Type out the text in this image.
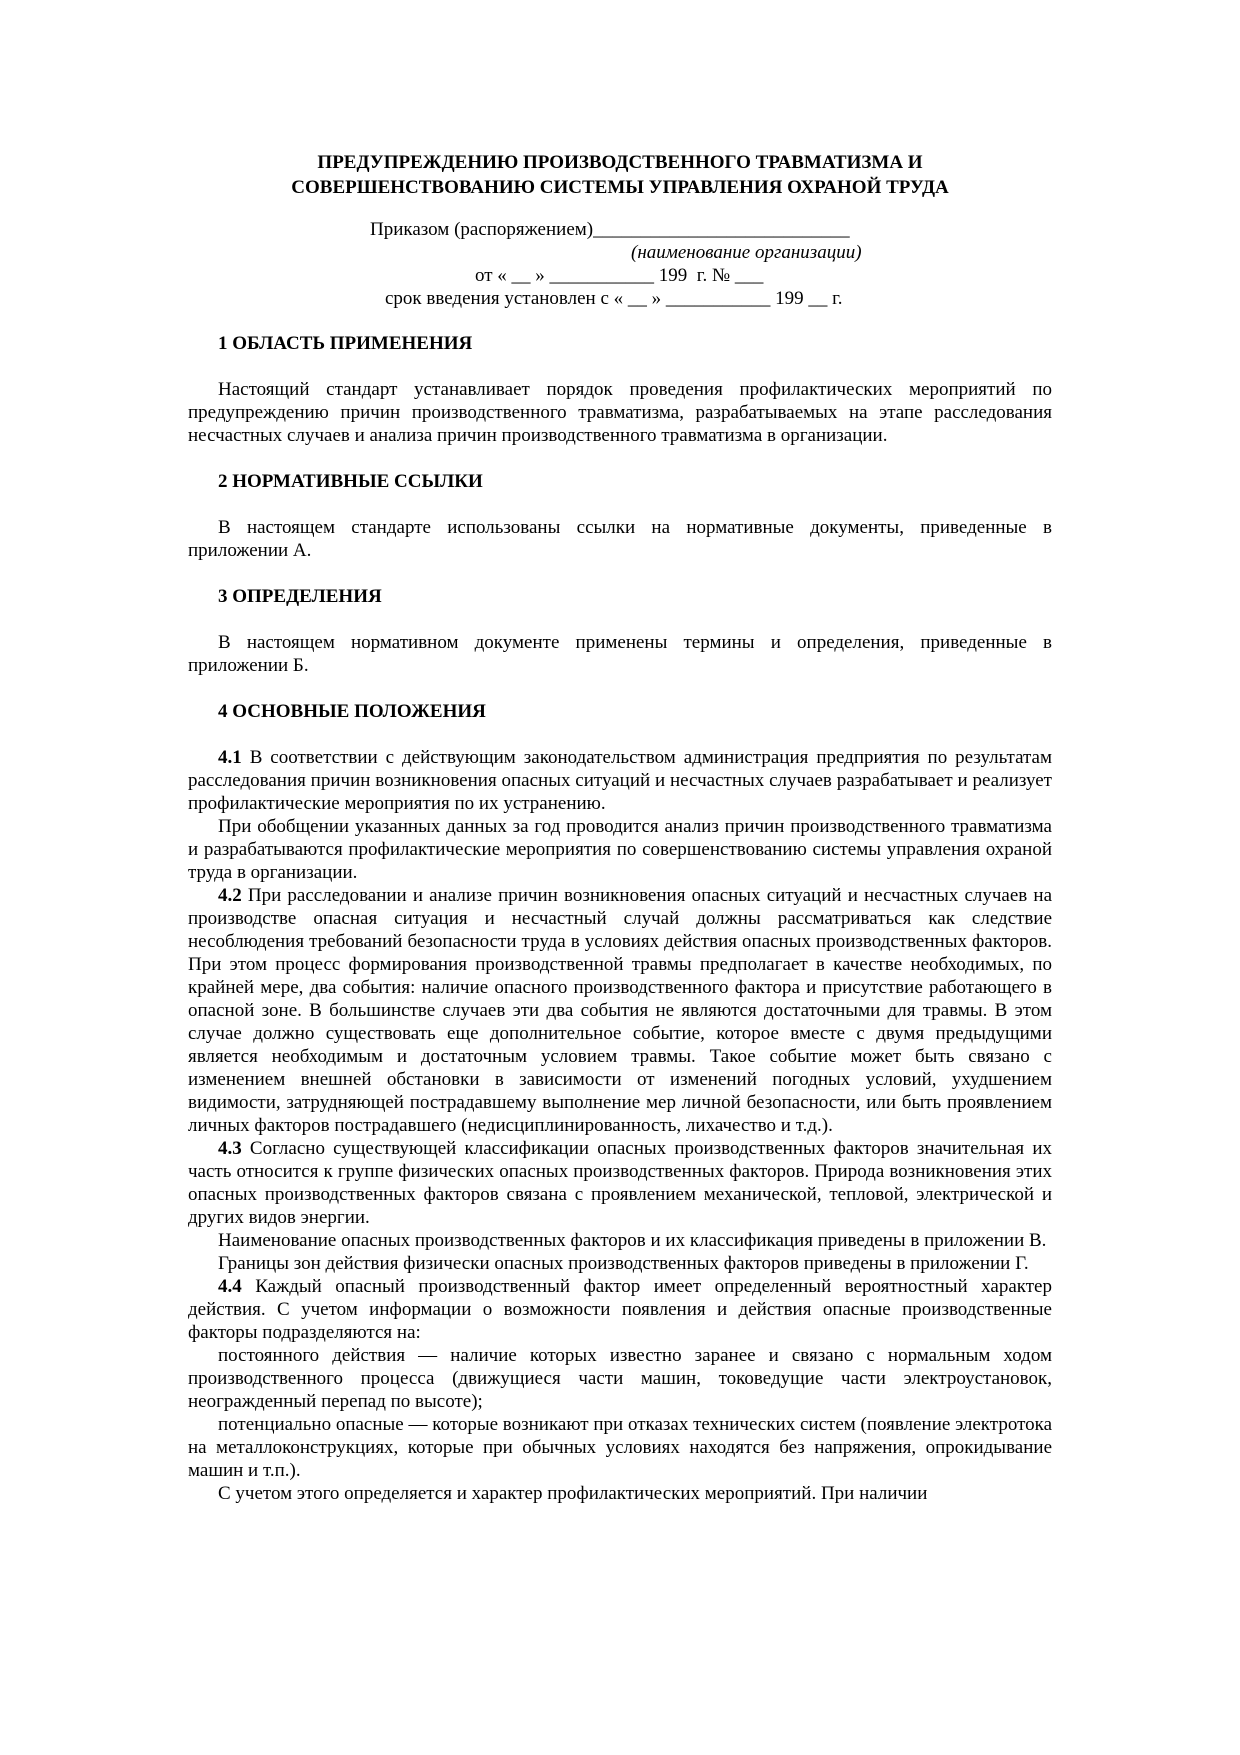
ПРЕДУПРЕЖДЕНИЮ ПРОИЗВОДСТВЕННОГО ТРАВМАТИЗМА И
СОВЕРШЕНСТВОВАНИЮ СИСТЕМЫ УПРАВЛЕНИЯ ОХРАНОЙ ТРУДА
Приказом (распоряжением)___________________________
(наименование организации)
от « __ » ___________ 199  г. № ___
срок введения установлен с « __ » ___________ 199 __ г.

1 ОБЛАСТЬ ПРИМЕНЕНИЯ

Настоящий стандарт устанавливает порядок проведения профилактических мероприятий по предупреждению причин производственного травматизма, разрабатываемых на этапе расследования несчастных случаев и анализа причин производственного травматизма в организации.

2 НОРМАТИВНЫЕ ССЫЛКИ

В настоящем стандарте использованы ссылки на нормативные документы, приведенные в приложении А.

3 ОПРЕДЕЛЕНИЯ

В настоящем нормативном документе применены термины и определения, приведенные в приложении Б.

4 ОСНОВНЫЕ ПОЛОЖЕНИЯ

4.1 В соответствии с действующим законодательством администрация предприятия по результатам расследования причин возникновения опасных ситуаций и несчастных случаев разрабатывает и реализует профилактические мероприятия по их устранению.

При обобщении указанных данных за год проводится анализ причин производственного травматизма и разрабатываются профилактические мероприятия по совершенствованию системы управления охраной труда в организации.

4.2 При расследовании и анализе причин возникновения опасных ситуаций и несчастных случаев на производстве опасная ситуация и несчастный случай должны рассматриваться как следствие несоблюдения требований безопасности труда в условиях действия опасных производственных факторов. При этом процесс формирования производственной травмы предполагает в качестве необходимых, по крайней мере, два события: наличие опасного производственного фактора и присутствие работающего в опасной зоне. В большинстве случаев эти два события не являются достаточными для травмы. В этом случае должно существовать еще дополнительное событие, которое вместе с двумя предыдущими является необходимым и достаточным условием травмы. Такое событие может быть связано с изменением внешней обстановки в зависимости от изменений погодных условий, ухудшением видимости, затрудняющей пострадавшему выполнение мер личной безопасности, или быть проявлением личных факторов пострадавшего (недисциплинированность, лихачество и т.д.).

4.3 Согласно существующей классификации опасных производственных факторов значительная их часть относится к группе физических опасных производственных факторов. Природа возникновения этих опасных производственных факторов связана с проявлением механической, тепловой, электрической и других видов энергии.

Наименование опасных производственных факторов и их классификация приведены в приложении В.

Границы зон действия физически опасных производственных факторов приведены в приложении Г.

4.4 Каждый опасный производственный фактор имеет определенный вероятностный характер действия. С учетом информации о возможности появления и действия опасные производственные факторы подразделяются на:

постоянного действия — наличие которых известно заранее и связано с нормальным ходом производственного процесса (движущиеся части машин, токоведущие части электроустановок, неогражденный перепад по высоте);

потенциально опасные — которые возникают при отказах технических систем (появление электротока на металлоконструкциях, которые при обычных условиях находятся без напряжения, опрокидывание машин и т.п.).

С учетом этого определяется и характер профилактических мероприятий. При наличии
